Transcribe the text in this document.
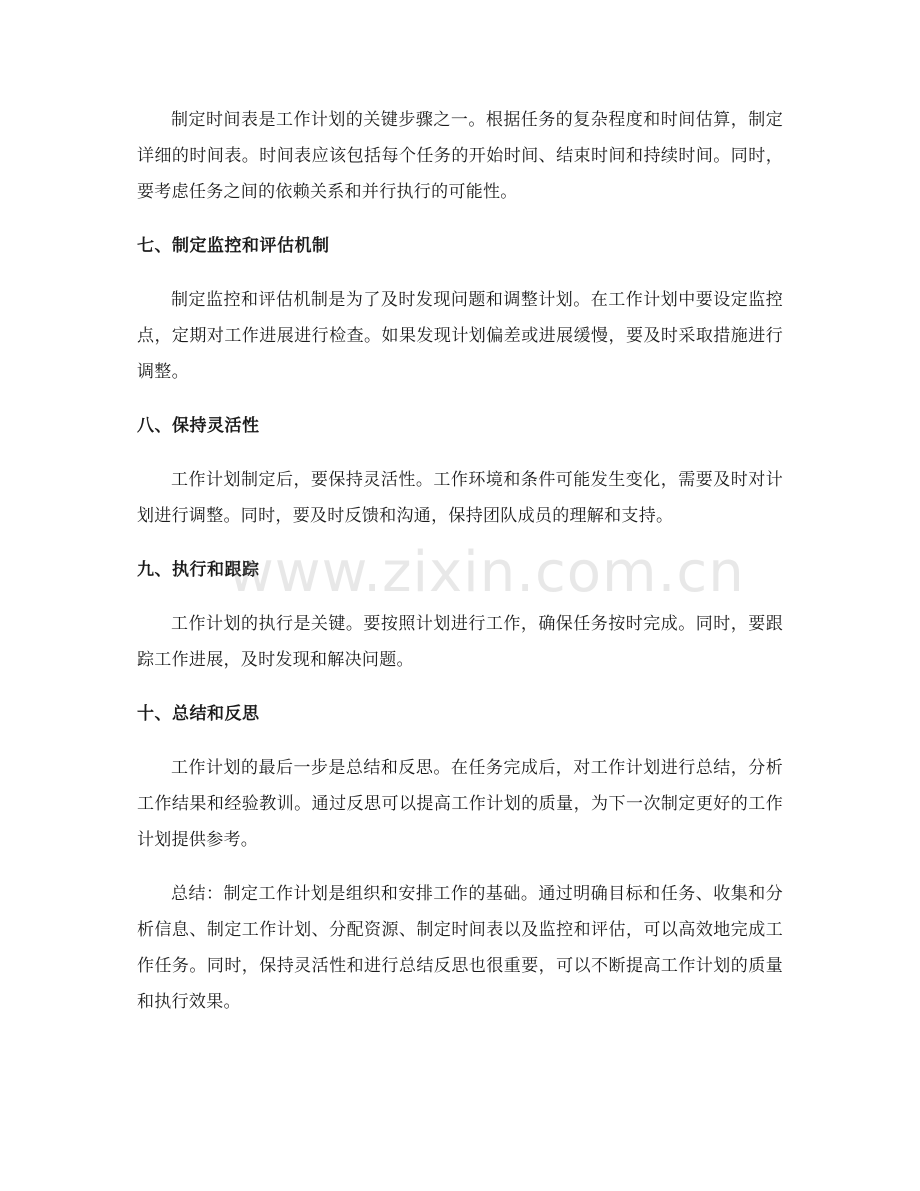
制定时间表是工作计划的关键步骤之一。根据任务的复杂程度和时间估算，制定详细的时间表。时间表应该包括每个任务的开始时间、结束时间和持续时间。同时，要考虑任务之间的依赖关系和并行执行的可能性。

七、制定监控和评估机制

制定监控和评估机制是为了及时发现问题和调整计划。在工作计划中要设定监控点，定期对工作进展进行检查。如果发现计划偏差或进展缓慢，要及时采取措施进行调整。

八、保持灵活性

工作计划制定后，要保持灵活性。工作环境和条件可能发生变化，需要及时对计划进行调整。同时，要及时反馈和沟通，保持团队成员的理解和支持。

九、执行和跟踪

工作计划的执行是关键。要按照计划进行工作，确保任务按时完成。同时，要跟踪工作进展，及时发现和解决问题。

十、总结和反思

工作计划的最后一步是总结和反思。在任务完成后，对工作计划进行总结，分析工作结果和经验教训。通过反思可以提高工作计划的质量，为下一次制定更好的工作计划提供参考。

总结：制定工作计划是组织和安排工作的基础。通过明确目标和任务、收集和分析信息、制定工作计划、分配资源、制定时间表以及监控和评估，可以高效地完成工作任务。同时，保持灵活性和进行总结反思也很重要，可以不断提高工作计划的质量和执行效果。

www.zixin.com.cn
